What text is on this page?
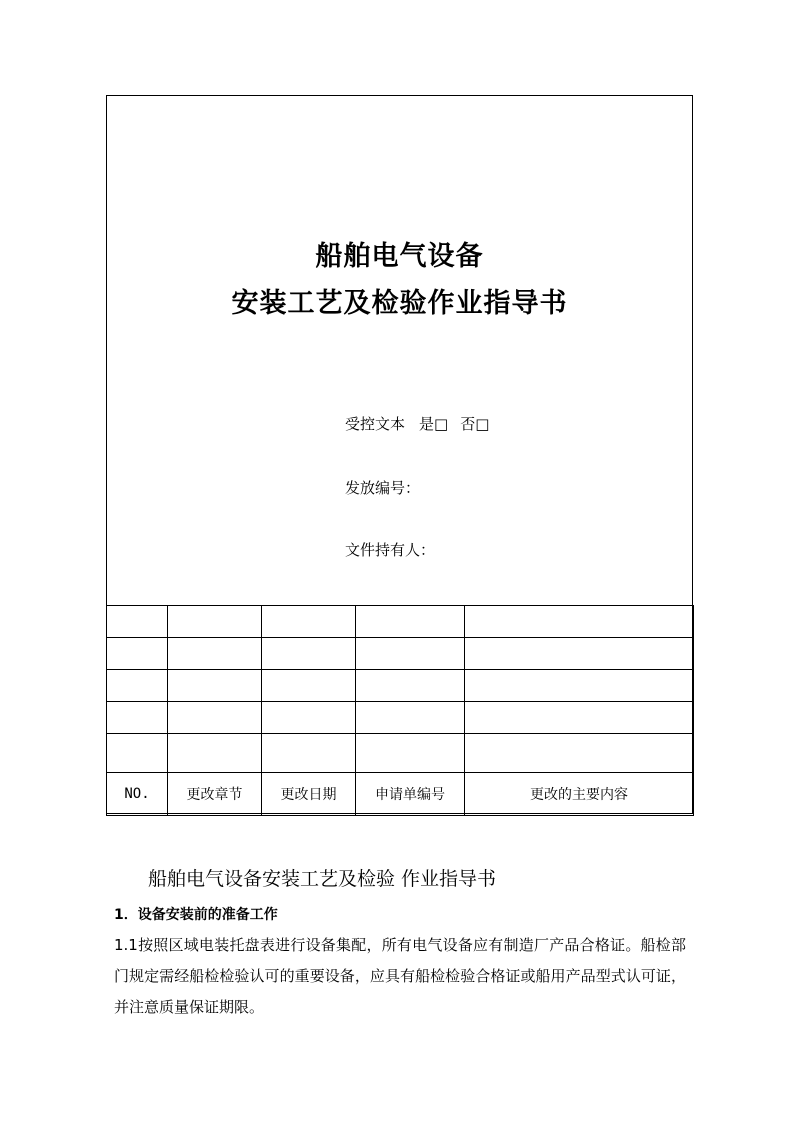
船舶电气设备
安装工艺及检验作业指导书
受控文本 是□ 否□
发放编号：
文件持有人：

NO.	更改章节	更改日期	申请单编号	更改的主要内容
船舶电气设备安装工艺及检验 作业指导书
1．设备安装前的准备工作
1.1按照区域电装托盘表进行设备集配，所有电气设备应有制造厂产品合格证。船检部门规定需经船检检验认可的重要设备，应具有船检检验合格证或船用产品型式认可证，并注意质量保证期限。
